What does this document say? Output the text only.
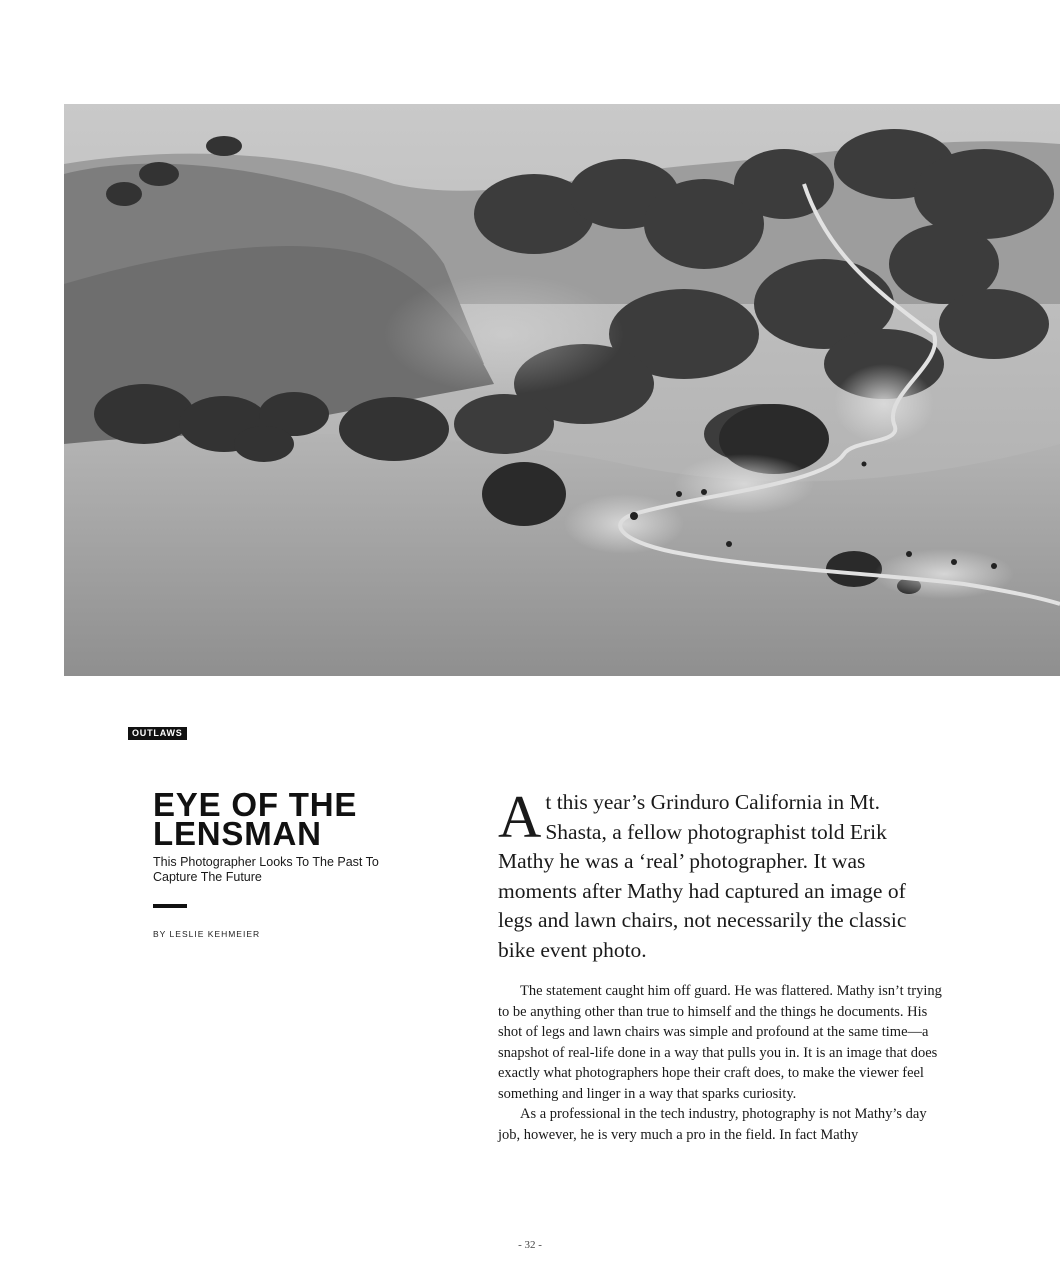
OUTLAWS
EYE OF THE LENSMAN

This Photographer Looks To The Past To Capture The Future

BY LESLIE KEHMEIER

At this year’s Grinduro California in Mt. Shasta, a fellow photographist told Erik Mathy he was a ‘real’ photographer. It was moments after Mathy had captured an image of legs and lawn chairs, not necessarily the classic bike event photo.

The statement caught him off guard. He was flattered. Mathy isn’t trying to be anything other than true to himself and the things he documents. His shot of legs and lawn chairs was simple and profound at the same time—a snapshot of real-life done in a way that pulls you in. It is an image that does exactly what photographers hope their craft does, to make the viewer feel something and linger in a way that sparks curiosity.

As a professional in the tech industry, photography is not Mathy’s day job, however, he is very much a pro in the field. In fact Mathy

- 32 -
